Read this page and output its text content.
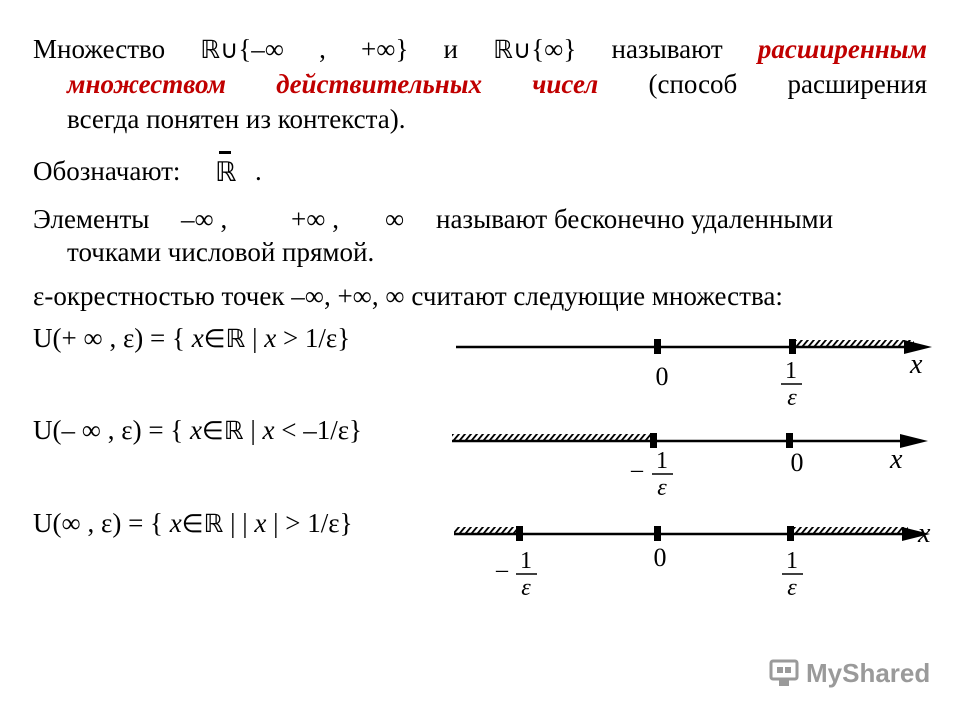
Множество ℝ∪{–∞ , +∞} и ℝ∪{∞} называют расширенным
множеством действительных чисел (способ расширения
всегда понятен из контекста).
Обозначают: ℝ .
Элементы –∞ , +∞ , ∞ называют бесконечно удаленными
точками числовой прямой.
ε-окрестностью точек –∞, +∞, ∞ считают следующие множества:
U(+ ∞ , ε) = { x∈ℝ | x > 1/ε}
U(– ∞ , ε) = { x∈ℝ | x < –1/ε}
U(∞ , ε) = { x∈ℝ | | x | > 1/ε}
0	1
ε
x
– 1
ε
0	x
– 1
ε
0	1
ε
x
MyShared
